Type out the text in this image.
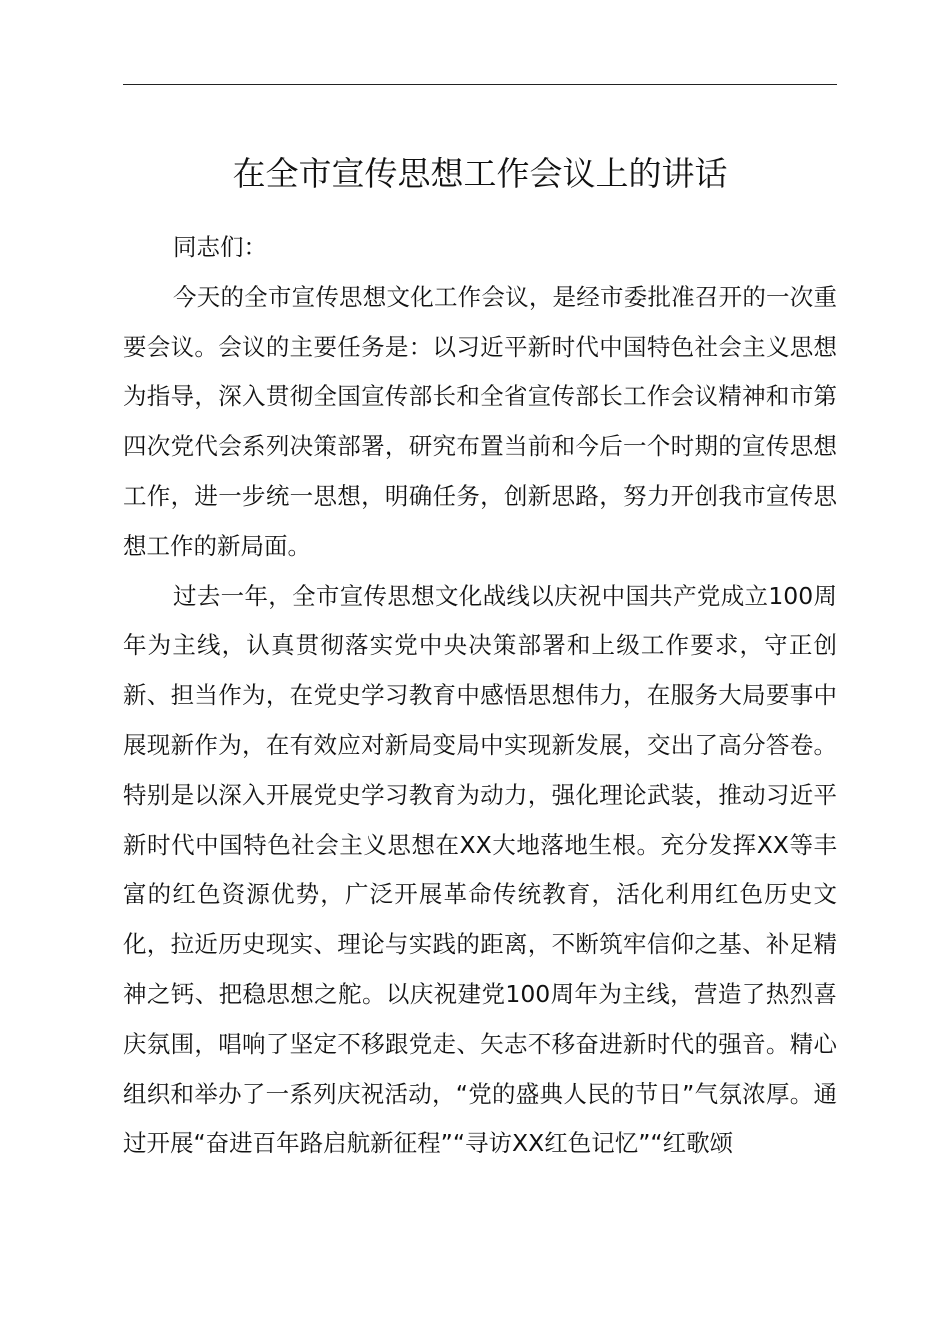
在全市宣传思想工作会议上的讲话

同志们：

今天的全市宣传思想文化工作会议，是经市委批准召开的一次重要会议。会议的主要任务是：以习近平新时代中国特色社会主义思想为指导，深入贯彻全国宣传部长和全省宣传部长工作会议精神和市第四次党代会系列决策部署，研究布置当前和今后一个时期的宣传思想工作，进一步统一思想，明确任务，创新思路，努力开创我市宣传思想工作的新局面。

过去一年，全市宣传思想文化战线以庆祝中国共产党成立100周年为主线，认真贯彻落实党中央决策部署和上级工作要求，守正创新、担当作为，在党史学习教育中感悟思想伟力，在服务大局要事中展现新作为，在有效应对新局变局中实现新发展，交出了高分答卷。特别是以深入开展党史学习教育为动力，强化理论武装，推动习近平新时代中国特色社会主义思想在XX大地落地生根。充分发挥XX等丰富的红色资源优势，广泛开展革命传统教育，活化利用红色历史文化，拉近历史现实、理论与实践的距离，不断筑牢信仰之基、补足精神之钙、把稳思想之舵。以庆祝建党100周年为主线，营造了热烈喜庆氛围，唱响了坚定不移跟党走、矢志不移奋进新时代的强音。精心组织和举办了一系列庆祝活动，“党的盛典人民的节日”气氛浓厚。通过开展“奋进百年路启航新征程”“寻访XX红色记忆”“红歌颂
